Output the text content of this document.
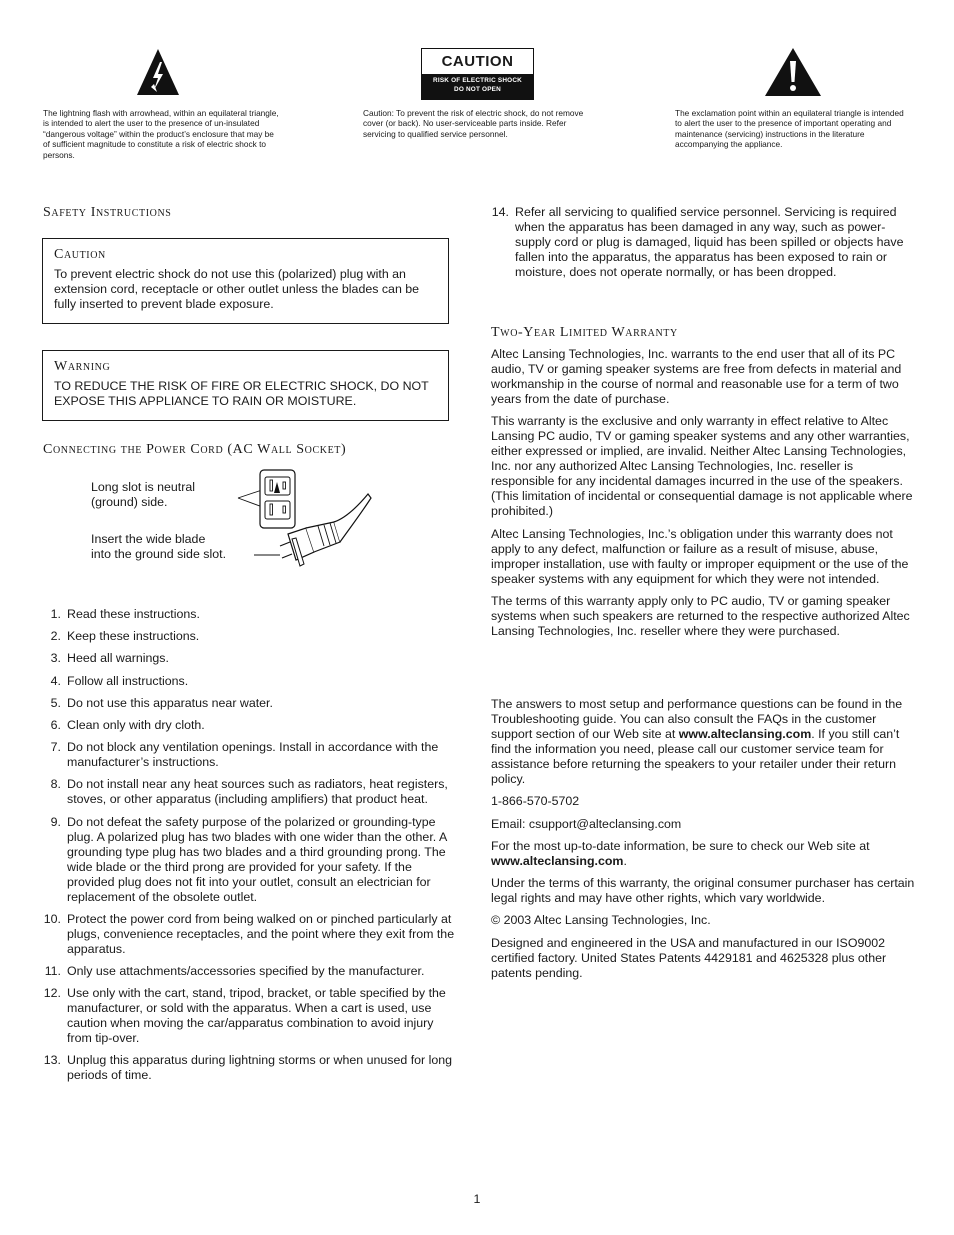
The lightning flash with arrowhead, within an equilateral triangle, is intended to alert the user to the presence of un-insulated “dangerous voltage” within the product’s enclosure that may be of sufficient magnitude to constitute a risk of electric shock to persons.
CAUTION
RISK OF ELECTRIC SHOCK
DO NOT OPEN
Caution: To prevent the risk of electric shock, do not remove cover (or back). No user-serviceable parts inside. Refer servicing to qualified service personnel.
The exclamation point within an equilateral triangle is intended to alert the user to the presence of important operating and maintenance (servicing) instructions in the literature accompanying the appliance.
Safety Instructions
Caution

To prevent electric shock do not use this (polarized) plug with an extension cord, receptacle or other outlet unless the blades can be fully inserted to prevent blade exposure.

Warning

TO REDUCE THE RISK OF FIRE OR ELECTRIC SHOCK, DO NOT EXPOSE THIS APPLIANCE TO RAIN OR MOISTURE.

Connecting the Power Cord (AC Wall Socket)
Long slot is neutral
(ground) side.
Insert the wide blade
into the ground side slot.
1. Read these instructions.
2. Keep these instructions.
3. Heed all warnings.
4. Follow all instructions.
5. Do not use this apparatus near water.
6. Clean only with dry cloth.
7. Do not block any ventilation openings. Install in accordance with the manufacturer’s instructions.
8. Do not install near any heat sources such as radiators, heat registers, stoves, or other apparatus (including amplifiers) that product heat.
9. Do not defeat the safety purpose of the polarized or grounding-type plug. A polarized plug has two blades with one wider than the other. A grounding type plug has two blades and a third grounding prong. The wide blade or the third prong are provided for your safety. If the provided plug does not fit into your outlet, consult an electrician for replacement of the obsolete outlet.
10. Protect the power cord from being walked on or pinched particularly at plugs, convenience receptacles, and the point where they exit from the apparatus.
11. Only use attachments/accessories specified by the manufacturer.
12. Use only with the cart, stand, tripod, bracket, or table specified by the manufacturer, or sold with the apparatus. When a cart is used, use caution when moving the car/apparatus combination to avoid injury from tip-over.
13. Unplug this apparatus during lightning storms or when unused for long periods of time.
14. Refer all servicing to qualified service personnel. Servicing is required when the apparatus has been damaged in any way, such as power-supply cord or plug is damaged, liquid has been spilled or objects have fallen into the apparatus, the apparatus has been exposed to rain or moisture, does not operate normally, or has been dropped.
Two-Year Limited Warranty

Altec Lansing Technologies, Inc. warrants to the end user that all of its PC audio, TV or gaming speaker systems are free from defects in material and workmanship in the course of normal and reasonable use for a term of two years from the date of purchase.

This warranty is the exclusive and only warranty in effect relative to Altec Lansing PC audio, TV or gaming speaker systems and any other warranties, either expressed or implied, are invalid. Neither Altec Lansing Technologies, Inc. nor any authorized Altec Lansing Technologies, Inc. reseller is responsible for any incidental damages incurred in the use of the speakers. (This limitation of incidental or consequential damage is not applicable where prohibited.)

Altec Lansing Technologies, Inc.’s obligation under this warranty does not apply to any defect, malfunction or failure as a result of misuse, abuse, improper installation, use with faulty or improper equipment or the use of the speaker systems with any equipment for which they were not intended.

The terms of this warranty apply only to PC audio, TV or gaming speaker systems when such speakers are returned to the respective authorized Altec Lansing Technologies, Inc. reseller where they were purchased.

The answers to most setup and performance questions can be found in the Troubleshooting guide. You can also consult the FAQs in the customer support section of our Web site at www.alteclansing.com. If you still can’t find the information you need, please call our customer service team for assistance before returning the speakers to your retailer under their return policy.

1-866-570-5702

Email: csupport@alteclansing.com

For the most up-to-date information, be sure to check our Web site at www.alteclansing.com.

Under the terms of this warranty, the original consumer purchaser has certain legal rights and may have other rights, which vary worldwide.

© 2003 Altec Lansing Technologies, Inc.

Designed and engineered in the USA and manufactured in our ISO9002 certified factory. United States Patents 4429181 and 4625328 plus other patents pending.

1
